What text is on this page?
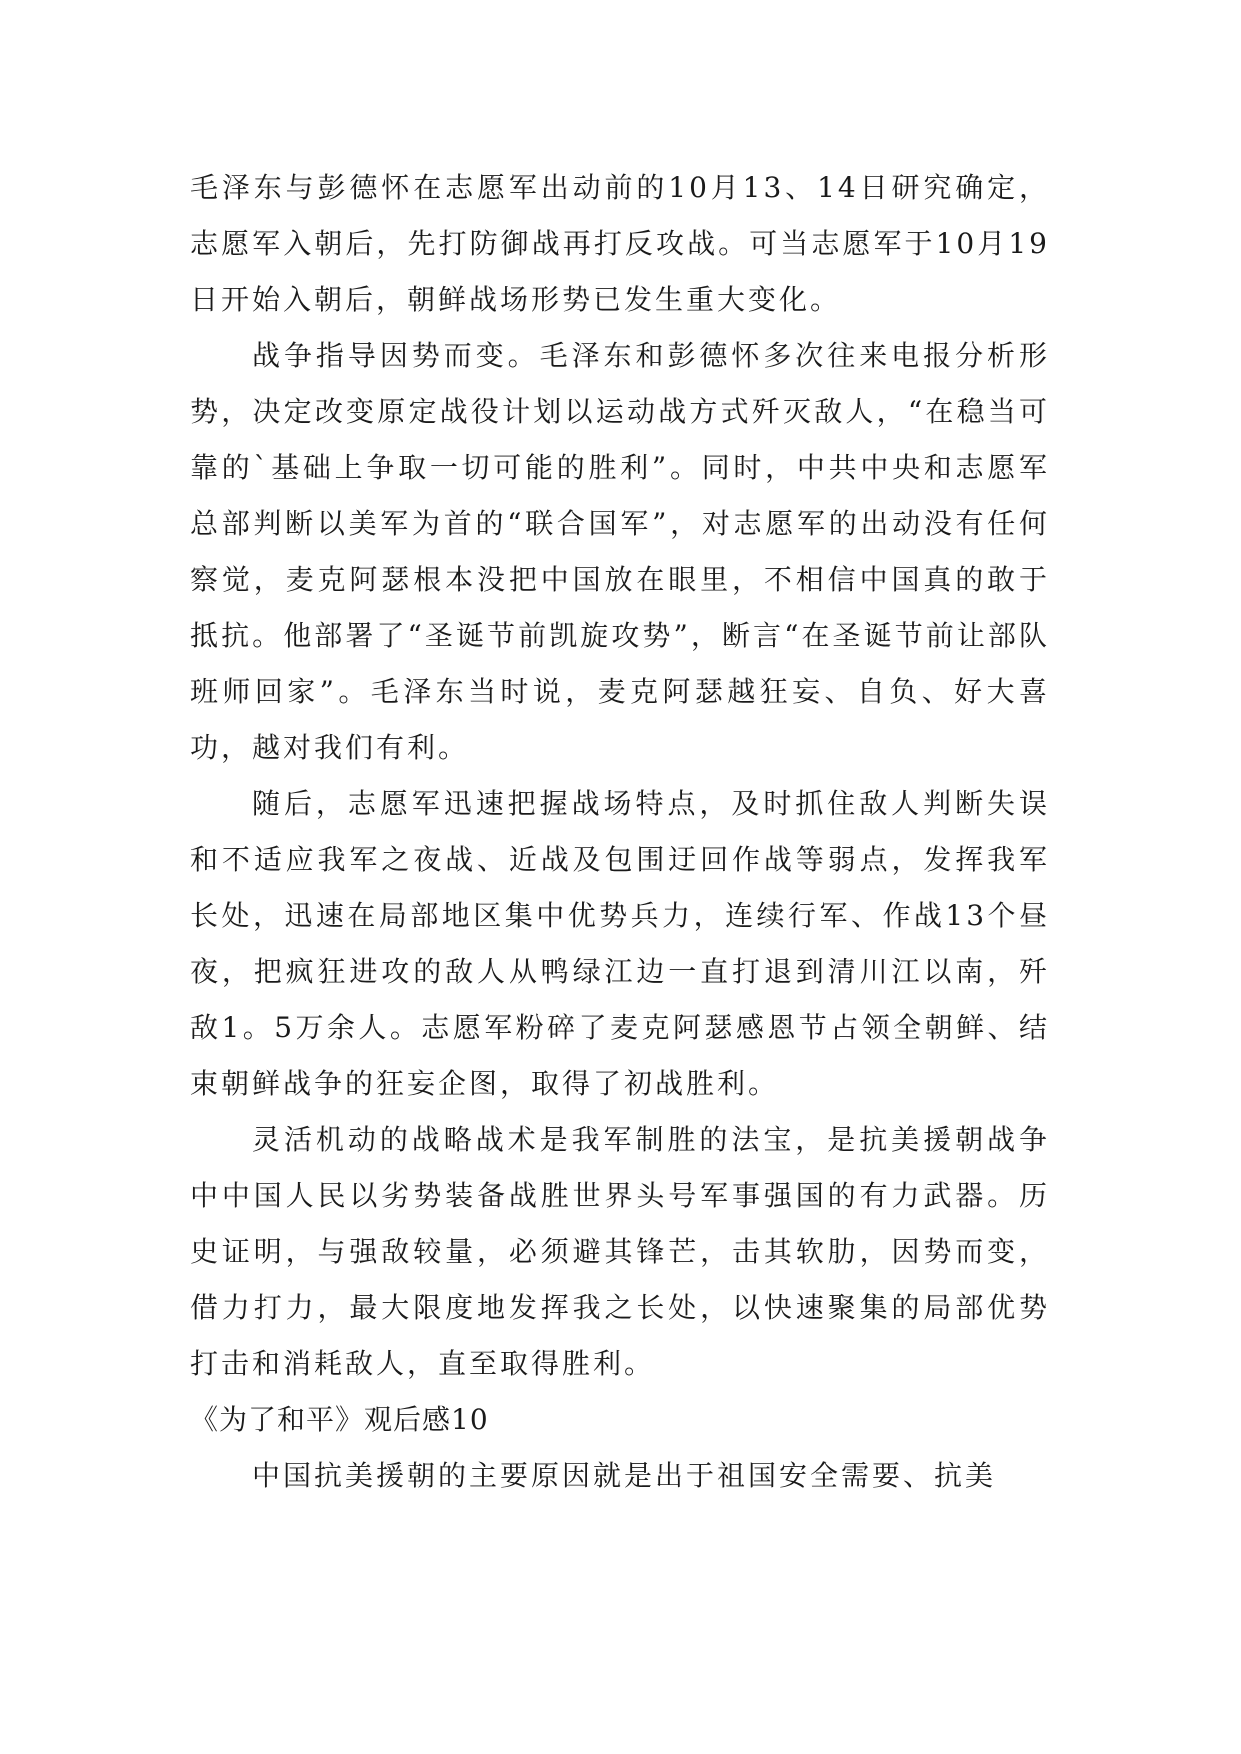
毛泽东与彭德怀在志愿军出动前的10月13、14日研究确定，志愿军入朝后，先打防御战再打反攻战。可当志愿军于10月19日开始入朝后，朝鲜战场形势已发生重大变化。

战争指导因势而变。毛泽东和彭德怀多次往来电报分析形势，决定改变原定战役计划以运动战方式歼灭敌人，“在稳当可靠的`基础上争取一切可能的胜利”。同时，中共中央和志愿军总部判断以美军为首的“联合国军”，对志愿军的出动没有任何察觉，麦克阿瑟根本没把中国放在眼里，不相信中国真的敢于抵抗。他部署了“圣诞节前凯旋攻势”，断言“在圣诞节前让部队班师回家”。毛泽东当时说，麦克阿瑟越狂妄、自负、好大喜功，越对我们有利。

随后，志愿军迅速把握战场特点，及时抓住敌人判断失误和不适应我军之夜战、近战及包围迂回作战等弱点，发挥我军长处，迅速在局部地区集中优势兵力，连续行军、作战13个昼夜，把疯狂进攻的敌人从鸭绿江边一直打退到清川江以南，歼敌1。5万余人。志愿军粉碎了麦克阿瑟感恩节占领全朝鲜、结束朝鲜战争的狂妄企图，取得了初战胜利。

灵活机动的战略战术是我军制胜的法宝，是抗美援朝战争中中国人民以劣势装备战胜世界头号军事强国的有力武器。历史证明，与强敌较量，必须避其锋芒，击其软肋，因势而变，借力打力，最大限度地发挥我之长处，以快速聚集的局部优势打击和消耗敌人，直至取得胜利。

《为了和平》观后感10

中国抗美援朝的主要原因就是出于祖国安全需要、抗美
